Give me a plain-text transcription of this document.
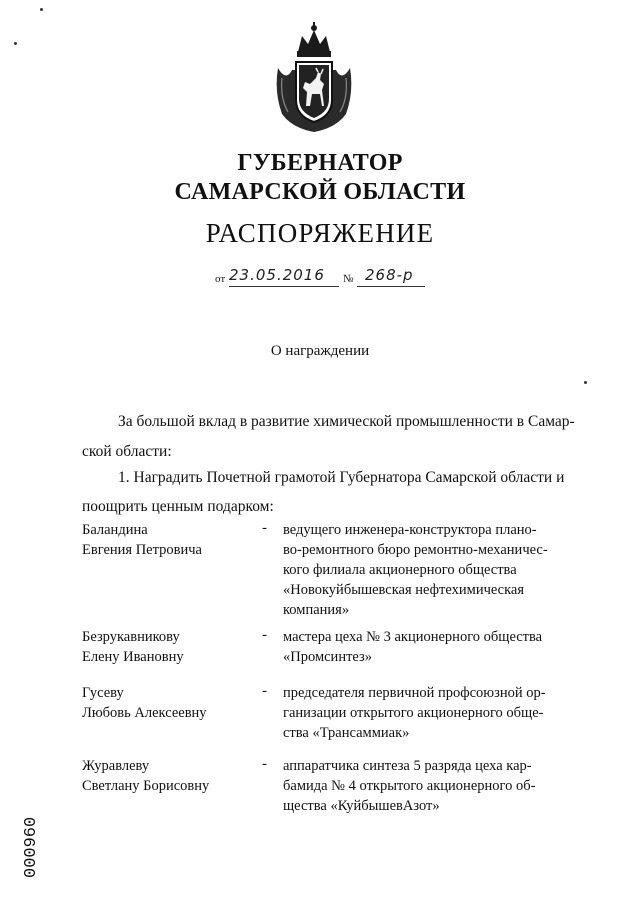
ГУБЕРНАТОР
САМАРСКОЙ ОБЛАСТИ
РАСПОРЯЖЕНИЕ
от 23.05.2016 № 268-р
О награждении
За большой вклад в развитие химической промышленности в Самар-
ской области:
1. Наградить Почетной грамотой Губернатора Самарской области и
поощрить ценным подарком:
Баландина
Евгения Петровича
- ведущего инженера-конструктора плано-
во-ремонтного бюро ремонтно-механичес-
кого филиала акционерного общества
«Новокуйбышевская нефтехимическая
компания»
Безрукавникову
Елену Ивановну
- мастера цеха № 3 акционерного общества
«Промсинтез»
Гусеву
Любовь Алексеевну
- председателя первичной профсоюзной ор-
ганизации открытого акционерного обще-
ства «Трансаммиак»
Журавлеву
Светлану Борисовну
- аппаратчика синтеза 5 разряда цеха кар-
бамида № 4 открытого акционерного об-
щества «КуйбышевАзот»
000960
